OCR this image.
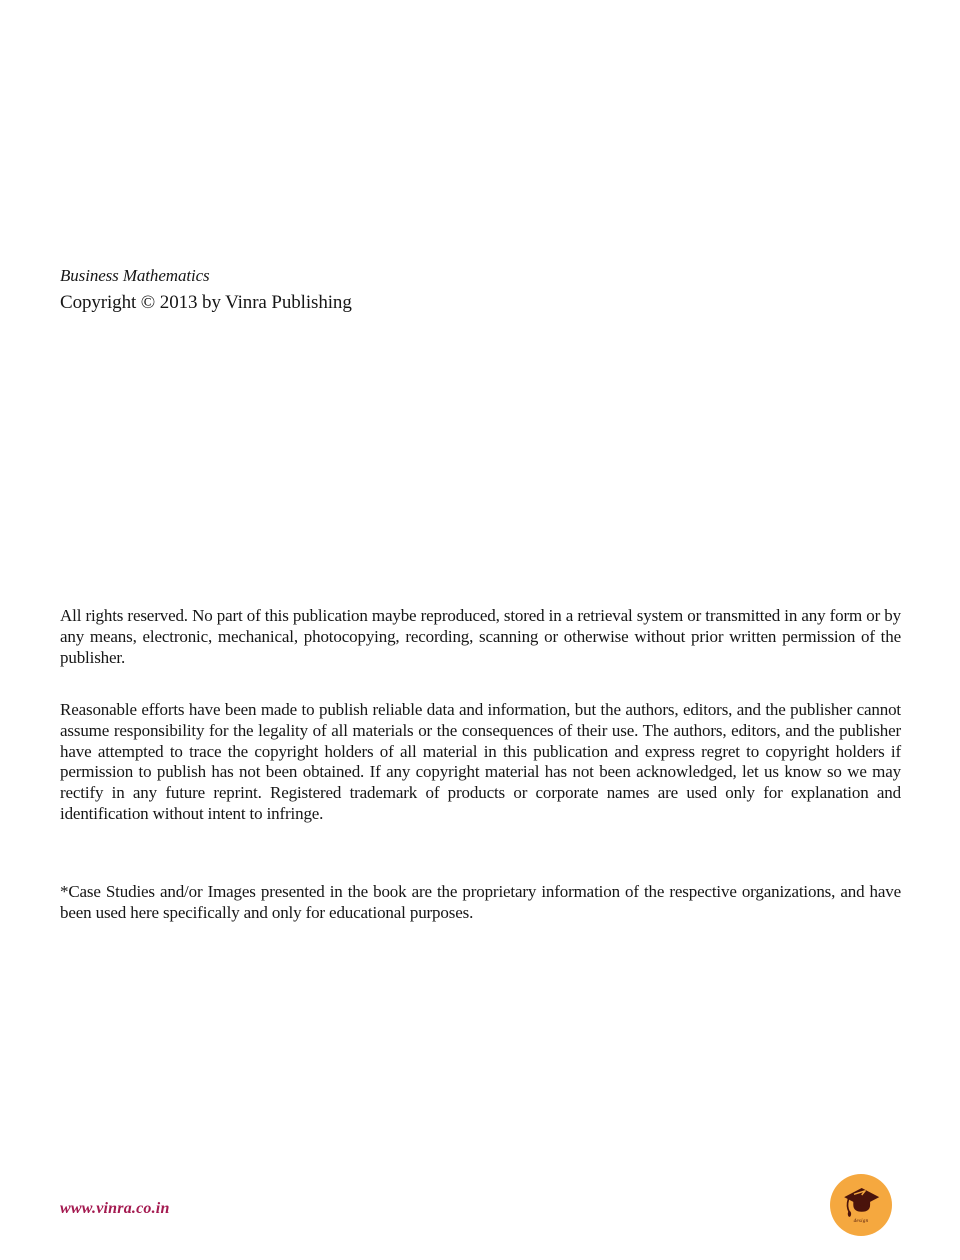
Business Mathematics
Copyright © 2013 by Vinra Publishing

All rights reserved. No part of this publication maybe reproduced, stored in a retrieval system or transmitted in any form or by any means, electronic, mechanical, photocopying, recording, scanning or otherwise without prior written permission of the publisher.

Reasonable efforts have been made to publish reliable data and information, but the authors, editors, and the publisher cannot assume responsibility for the legality of all materials or the consequences of their use. The authors, editors, and the publisher have attempted to trace the copyright holders of all material in this publication and express regret to copyright holders if permission to publish has not been obtained. If any copyright material has not been acknowledged, let us know so we may rectify in any future reprint. Registered trademark of products or corporate names are used only for explanation and identification without intent to infringe.

*Case Studies and/or Images presented in the book are the proprietary information of the respective organizations, and have been used here specifically and only for educational purposes.

www.vinra.co.in
design
